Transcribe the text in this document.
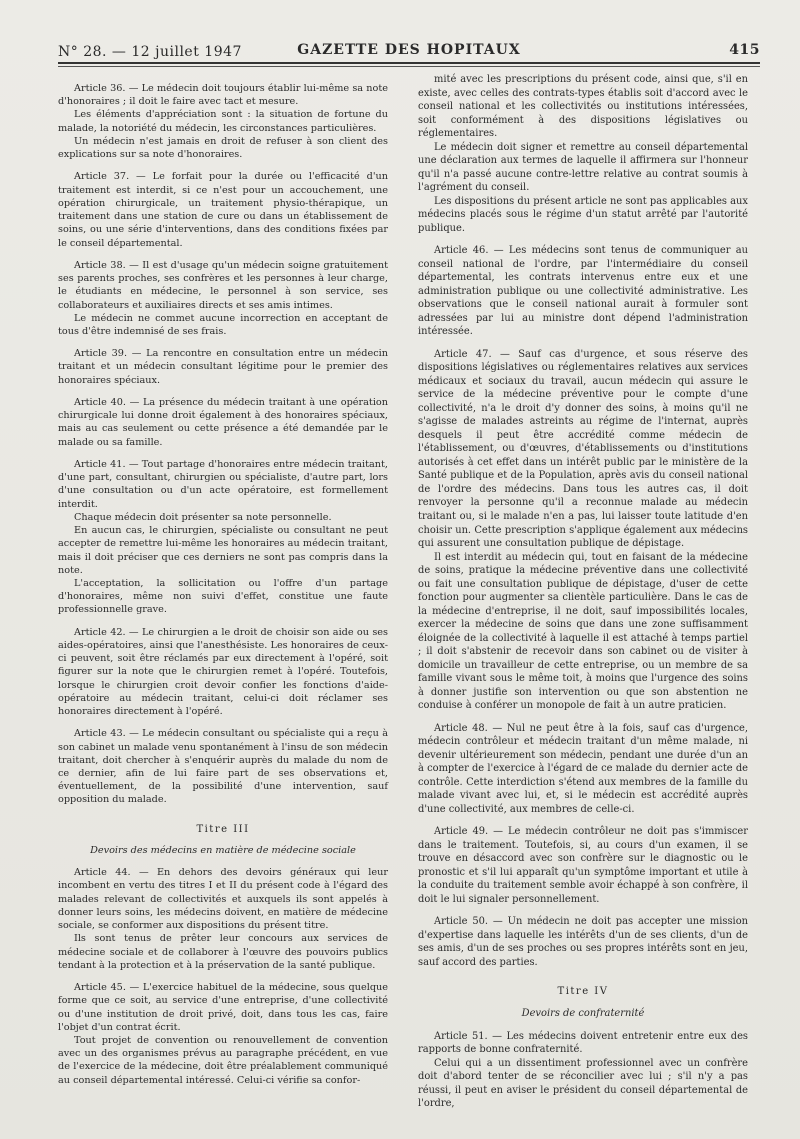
N° 28. — 12 juillet 1947	GAZETTE DES HOPITAUX	415

Article 36. — Le médecin doit toujours établir lui-même sa note d'honoraires ; il doit le faire avec tact et mesure.

Les éléments d'appréciation sont : la situation de fortune du malade, la notoriété du médecin, les circonstances particulières.

Un médecin n'est jamais en droit de refuser à son client des explications sur sa note d'honoraires.

Article 37. — Le forfait pour la durée ou l'efficacité d'un traitement est interdit, si ce n'est pour un accouchement, une opération chirurgicale, un traitement physio-thérapique, un traitement dans une station de cure ou dans un établissement de soins, ou une série d'interventions, dans des conditions fixées par le conseil départemental.

Article 38. — Il est d'usage qu'un médecin soigne gratuitement ses parents proches, ses confrères et les personnes à leur charge, le étudiants en médecine, le personnel à son service, ses collaborateurs et auxiliaires directs et ses amis intimes.

Le médecin ne commet aucune incorrection en acceptant de tous d'être indemnisé de ses frais.

Article 39. — La rencontre en consultation entre un médecin traitant et un médecin consultant légitime pour le premier des honoraires spéciaux.

Article 40. — La présence du médecin traitant à une opération chirurgicale lui donne droit également à des honoraires spéciaux, mais au cas seulement ou cette présence a été demandée par le malade ou sa famille.

Article 41. — Tout partage d'honoraires entre médecin traitant, d'une part, consultant, chirurgien ou spécialiste, d'autre part, lors d'une consultation ou d'un acte opératoire, est formellement interdit.

Chaque médecin doit présenter sa note personnelle.

En aucun cas, le chirurgien, spécialiste ou consultant ne peut accepter de remettre lui-même les honoraires au médecin traitant, mais il doit préciser que ces derniers ne sont pas compris dans la note.

L'acceptation, la sollicitation ou l'offre d'un partage d'honoraires, même non suivi d'effet, constitue une faute professionnelle grave.

Article 42. — Le chirurgien a le droit de choisir son aide ou ses aides-opératoires, ainsi que l'anesthésiste. Les honoraires de ceux-ci peuvent, soit être réclamés par eux directement à l'opéré, soit figurer sur la note que le chirurgien remet à l'opéré. Toutefois, lorsque le chirurgien croit devoir confier les fonctions d'aide-opératoire au médecin traitant, celui-ci doit réclamer ses honoraires directement à l'opéré.

Article 43. — Le médecin consultant ou spécialiste qui a reçu à son cabinet un malade venu spontanément à l'insu de son médecin traitant, doit chercher à s'enquérir auprès du malade du nom de ce dernier, afin de lui faire part de ses observations et, éventuellement, de la possibilité d'une intervention, sauf opposition du malade.

Titre III

Devoirs des médecins en matière de médecine sociale

Article 44. — En dehors des devoirs généraux qui leur incombent en vertu des titres I et II du présent code à l'égard des malades relevant de collectivités et auxquels ils sont appelés à donner leurs soins, les médecins doivent, en matière de médecine sociale, se conformer aux dispositions du présent titre.

Ils sont tenus de prêter leur concours aux services de médecine sociale et de collaborer à l'œuvre des pouvoirs publics tendant à la protection et à la préservation de la santé publique.

Article 45. — L'exercice habituel de la médecine, sous quelque forme que ce soit, au service d'une entreprise, d'une collectivité ou d'une institution de droit privé, doit, dans tous les cas, faire l'objet d'un contrat écrit.

Tout projet de convention ou renouvellement de convention avec un des organismes prévus au paragraphe précédent, en vue de l'exercice de la médecine, doit être préalablement communiqué au conseil départemental intéressé. Celui-ci vérifie sa confor-

mité avec les prescriptions du présent code, ainsi que, s'il en existe, avec celles des contrats-types établis soit d'accord avec le conseil national et les collectivités ou institutions intéressées, soit conformément à des dispositions législatives ou réglementaires.

Le médecin doit signer et remettre au conseil départemental une déclaration aux termes de laquelle il affirmera sur l'honneur qu'il n'a passé aucune contre-lettre relative au contrat soumis à l'agrément du conseil.

Les dispositions du présent article ne sont pas applicables aux médecins placés sous le régime d'un statut arrêté par l'autorité publique.

Article 46. — Les médecins sont tenus de communiquer au conseil national de l'ordre, par l'intermédiaire du conseil départemental, les contrats intervenus entre eux et une administration publique ou une collectivité administrative. Les observations que le conseil national aurait à formuler sont adressées par lui au ministre dont dépend l'administration intéressée.

Article 47. — Sauf cas d'urgence, et sous réserve des dispositions législatives ou réglementaires relatives aux services médicaux et sociaux du travail, aucun médecin qui assure le service de la médecine préventive pour le compte d'une collectivité, n'a le droit d'y donner des soins, à moins qu'il ne s'agisse de malades astreints au régime de l'internat, auprès desquels il peut être accrédité comme médecin de l'établissement, ou d'œuvres, d'établissements ou d'institutions autorisés à cet effet dans un intérêt public par le ministère de la Santé publique et de la Population, après avis du conseil national de l'ordre des médecins. Dans tous les autres cas, il doit renvoyer la personne qu'il a reconnue malade au médecin traitant ou, si le malade n'en a pas, lui laisser toute latitude d'en choisir un. Cette prescription s'applique également aux médecins qui assurent une consultation publique de dépistage.

Il est interdit au médecin qui, tout en faisant de la médecine de soins, pratique la médecine préventive dans une collectivité ou fait une consultation publique de dépistage, d'user de cette fonction pour augmenter sa clientèle particulière. Dans le cas de la médecine d'entreprise, il ne doit, sauf impossibilités locales, exercer la médecine de soins que dans une zone suffisamment éloignée de la collectivité à laquelle il est attaché à temps partiel ; il doit s'abstenir de recevoir dans son cabinet ou de visiter à domicile un travailleur de cette entreprise, ou un membre de sa famille vivant sous le même toit, à moins que l'urgence des soins à donner justifie son intervention ou que son abstention ne conduise à conférer un monopole de fait à un autre praticien.

Article 48. — Nul ne peut être à la fois, sauf cas d'urgence, médecin contrôleur et médecin traitant d'un même malade, ni devenir ultérieurement son médecin, pendant une durée d'un an à compter de l'exercice à l'égard de ce malade du dernier acte de contrôle. Cette interdiction s'étend aux membres de la famille du malade vivant avec lui, et, si le médecin est accrédité auprès d'une collectivité, aux membres de celle-ci.

Article 49. — Le médecin contrôleur ne doit pas s'immiscer dans le traitement. Toutefois, si, au cours d'un examen, il se trouve en désaccord avec son confrère sur le diagnostic ou le pronostic et s'il lui apparaît qu'un symptôme important et utile à la conduite du traitement semble avoir échappé à son confrère, il doit le lui signaler personnellement.

Article 50. — Un médecin ne doit pas accepter une mission d'expertise dans laquelle les intérêts d'un de ses clients, d'un de ses amis, d'un de ses proches ou ses propres intérêts sont en jeu, sauf accord des parties.

Titre IV

Devoirs de confraternité

Article 51. — Les médecins doivent entretenir entre eux des rapports de bonne confraternité.

Celui qui a un dissentiment professionnel avec un confrère doit d'abord tenter de se réconcilier avec lui ; s'il n'y a pas réussi, il peut en aviser le président du conseil départemental de l'ordre,
